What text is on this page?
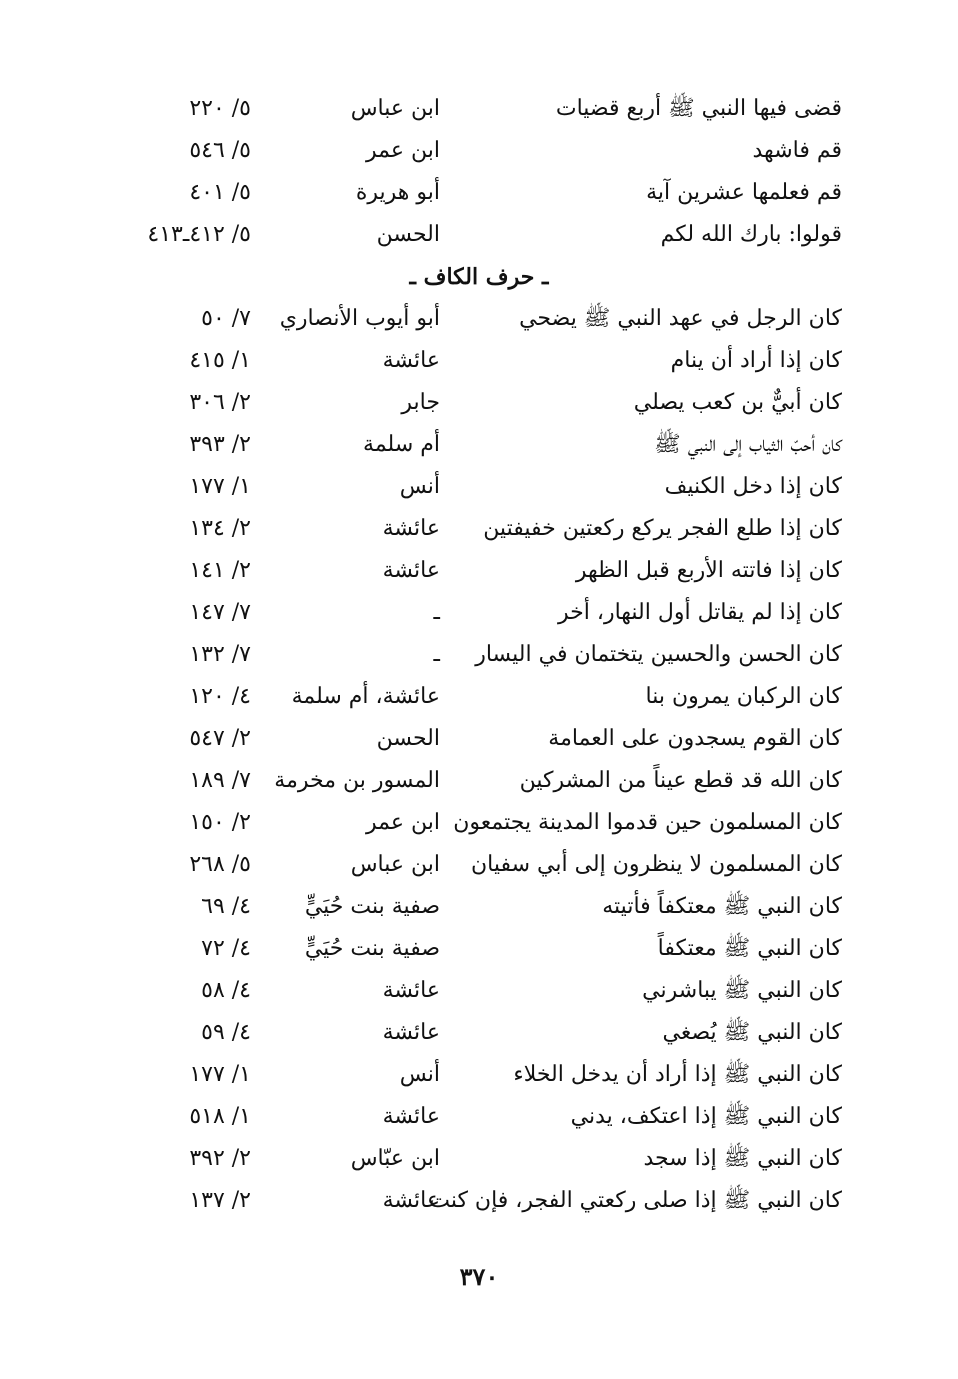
قضى فيها النبي ﷺ أربع قضيات
ابن عباس
٥/ ٢٢٠
قم فاشهد
ابن عمر
٥/ ٥٤٦
قم فعلمها عشرين آية
أبو هريرة
٥/ ٤٠١
قولوا: بارك الله لكم
الحسن
٥/ ٤١٢ـ٤١٣
ـ حرف الكاف ـ
كان الرجل في عهد النبي ﷺ يضحي
أبو أيوب الأنصاري
٧/ ٥٠
كان إذا أراد أن ينام
عائشة
١/ ٤١٥
كان أبيٌّ بن كعب يصلي
جابر
٢/ ٣٠٦
كان أحبّ الثياب إلى النبي ﷺ
أم سلمة
٢/ ٣٩٣
كان إذا دخل الكنيف
أنس
١/ ١٧٧
كان إذا طلع الفجر يركع ركعتين خفيفتين
عائشة
٢/ ١٣٤
كان إذا فاتته الأربع قبل الظهر
عائشة
٢/ ١٤١
كان إذا لم يقاتل أول النهار، أخر
ـ
٧/ ١٤٧
كان الحسن والحسين يتختمان في اليسار
ـ
٧/ ١٣٢
كان الركبان يمرون بنا
عائشة، أم سلمة
٤/ ١٢٠
كان القوم يسجدون على العمامة
الحسن
٢/ ٥٤٧
كان الله قد قطع عيناً من المشركين
المسور بن مخرمة
٧/ ١٨٩
كان المسلمون حين قدموا المدينة يجتمعون
ابن عمر
٢/ ١٥٠
كان المسلمون لا ينظرون إلى أبي سفيان
ابن عباس
٥/ ٢٦٨
كان النبي ﷺ معتكفاً فأتيته
صفية بنت حُيَيٍّ
٤/ ٦٩
كان النبي ﷺ معتكفاً
صفية بنت حُيَيٍّ
٤/ ٧٢
كان النبي ﷺ يباشرني
عائشة
٤/ ٥٨
كان النبي ﷺ يُصغي
عائشة
٤/ ٥٩
كان النبي ﷺ إذا أراد أن يدخل الخلاء
أنس
١/ ١٧٧
كان النبي ﷺ إذا اعتكف، يدني
عائشة
١/ ٥١٨
كان النبي ﷺ إذا سجد
ابن عبّاس
٢/ ٣٩٢
كان النبي ﷺ إذا صلى ركعتي الفجر، فإن كنت
عائشة
٢/ ١٣٧
٣٧٠
